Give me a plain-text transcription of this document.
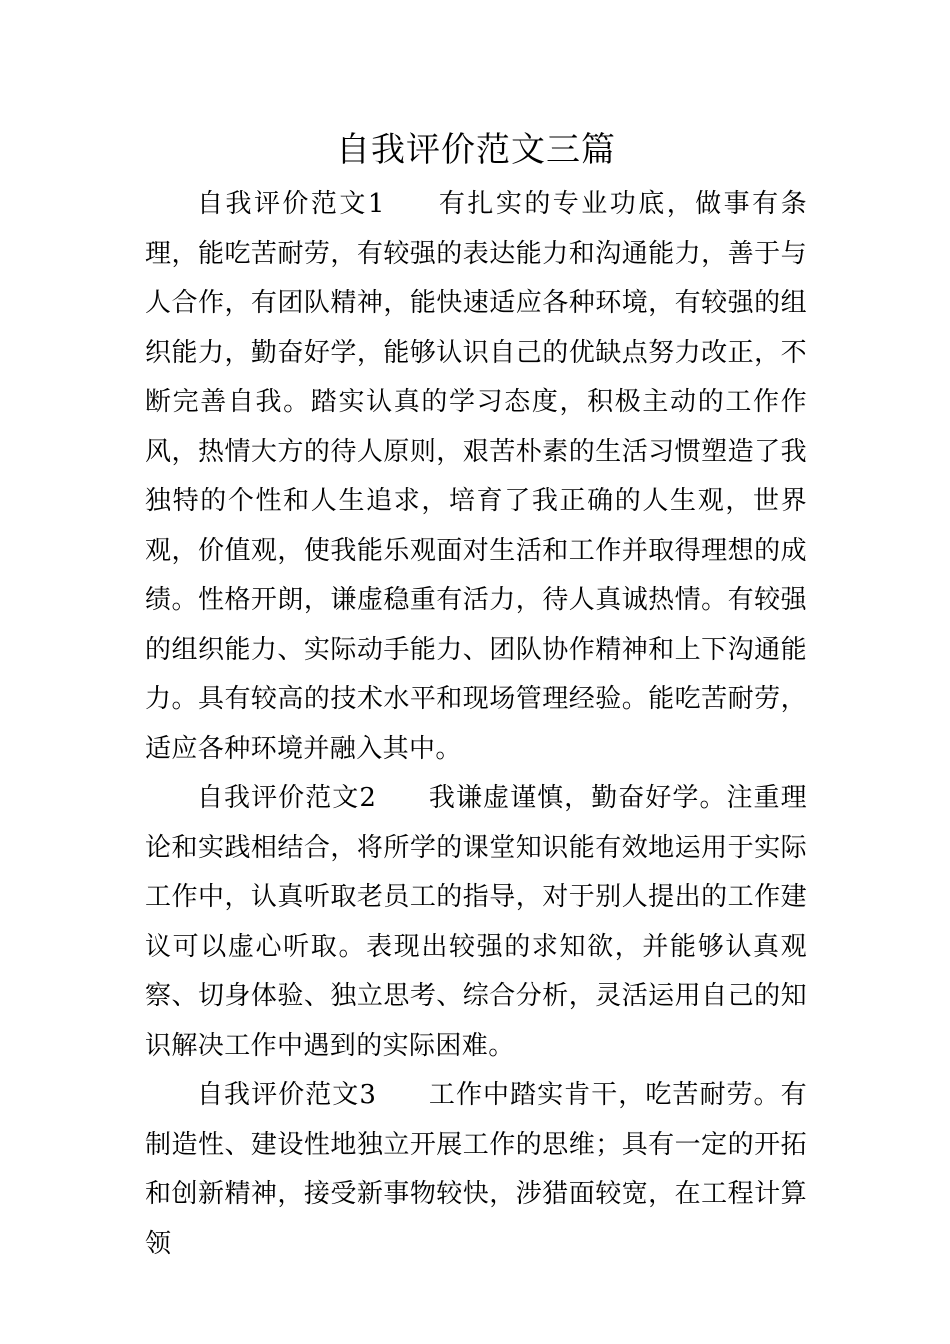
自我评价范文三篇

自我评价范文1 有扎实的专业功底，做事有条理，能吃苦耐劳，有较强的表达能力和沟通能力，善于与人合作，有团队精神，能快速适应各种环境，有较强的组织能力，勤奋好学，能够认识自己的优缺点努力改正，不断完善自我。踏实认真的学习态度，积极主动的工作作风，热情大方的待人原则，艰苦朴素的生活习惯塑造了我独特的个性和人生追求，培育了我正确的人生观，世界观，价值观，使我能乐观面对生活和工作并取得理想的成绩。性格开朗，谦虚稳重有活力，待人真诚热情。有较强的组织能力、实际动手能力、团队协作精神和上下沟通能力。具有较高的技术水平和现场管理经验。能吃苦耐劳，适应各种环境并融入其中。

自我评价范文2 我谦虚谨慎，勤奋好学。注重理论和实践相结合，将所学的课堂知识能有效地运用于实际工作中，认真听取老员工的指导，对于别人提出的工作建议可以虚心听取。表现出较强的求知欲，并能够认真观察、切身体验、独立思考、综合分析，灵活运用自己的知识解决工作中遇到的实际困难。

自我评价范文3 工作中踏实肯干，吃苦耐劳。有制造性、建设性地独立开展工作的思维；具有一定的开拓和创新精神，接受新事物较快，涉猎面较宽，在工程计算领
